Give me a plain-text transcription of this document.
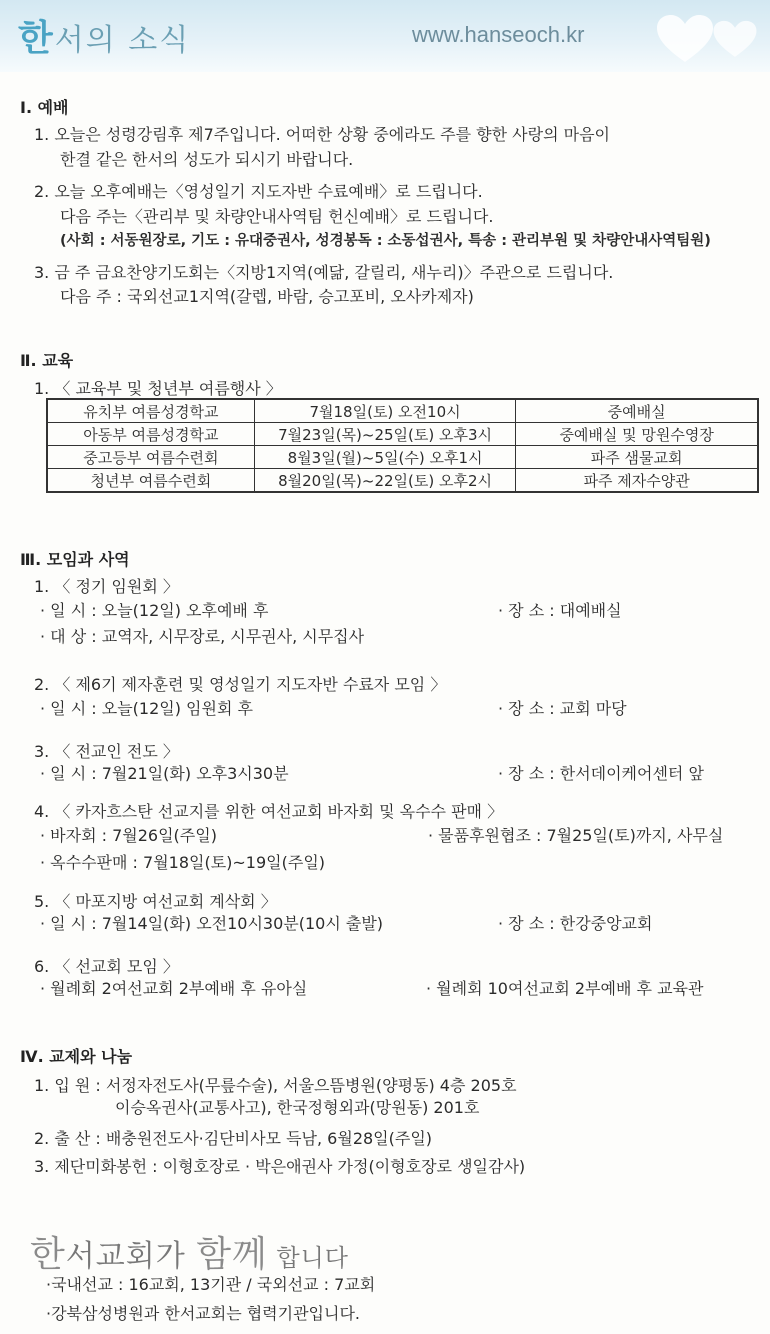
한서의 소식	www.hanseoch.kr
Ⅰ. 예배
1. 오늘은 성령강림후 제7주입니다. 어떠한 상황 중에라도 주를 향한 사랑의 마음이
한결 같은 한서의 성도가 되시기 바랍니다.
2. 오늘 오후예배는〈영성일기 지도자반 수료예배〉로 드립니다.
다음 주는〈관리부 및 차량안내사역팀 헌신예배〉로 드립니다.
(사회 : 서동원장로, 기도 : 유대중권사, 성경봉독 : 소동섭권사, 특송 : 관리부원 및 차량안내사역팀원)
3. 금 주 금요찬양기도회는〈지방1지역(예닮, 갈릴리, 새누리)〉주관으로 드립니다.
다음 주 : 국외선교1지역(갈렙, 바람, 승고포비, 오사카제자)
Ⅱ. 교육
1. 〈 교육부 및 청년부 여름행사 〉
유치부 여름성경학교	7월18일(토) 오전10시	중예배실
아동부 여름성경학교	7월23일(목)~25일(토) 오후3시	중예배실 및 망원수영장
중고등부 여름수련회	8월3일(월)~5일(수) 오후1시	파주 샘물교회
청년부 여름수련회	8월20일(목)~22일(토) 오후2시	파주 제자수양관
Ⅲ. 모임과 사역
1. 〈 정기 임원회 〉
· 일 시 : 오늘(12일) 오후예배 후	· 장 소 : 대예배실
· 대 상 : 교역자, 시무장로, 시무권사, 시무집사
2. 〈 제6기 제자훈련 및 영성일기 지도자반 수료자 모임 〉
· 일 시 : 오늘(12일) 임원회 후	· 장 소 : 교회 마당
3. 〈 전교인 전도 〉
· 일 시 : 7월21일(화) 오후3시30분	· 장 소 : 한서데이케어센터 앞
4. 〈 카자흐스탄 선교지를 위한 여선교회 바자회 및 옥수수 판매 〉
· 바자회 : 7월26일(주일)	· 물품후원협조 : 7월25일(토)까지, 사무실
· 옥수수판매 : 7월18일(토)~19일(주일)
5. 〈 마포지방 여선교회 계삭회 〉
· 일 시 : 7월14일(화) 오전10시30분(10시 출발)	· 장 소 : 한강중앙교회
6. 〈 선교회 모임 〉
· 월례회 2여선교회 2부예배 후 유아실	· 월례회 10여선교회 2부예배 후 교육관
Ⅳ. 교제와 나눔
1. 입 원 : 서정자전도사(무릎수술), 서울으뜸병원(양평동) 4층 205호
이승옥권사(교통사고), 한국정형외과(망원동) 201호
2. 출 산 : 배충원전도사·김단비사모 득남, 6월28일(주일)
3. 제단미화봉헌 : 이형호장로 · 박은애권사 가정(이형호장로 생일감사)
한서교회가 함께 합니다
·국내선교 : 16교회, 13기관 / 국외선교 : 7교회
·강북삼성병원과 한서교회는 협력기관입니다.
